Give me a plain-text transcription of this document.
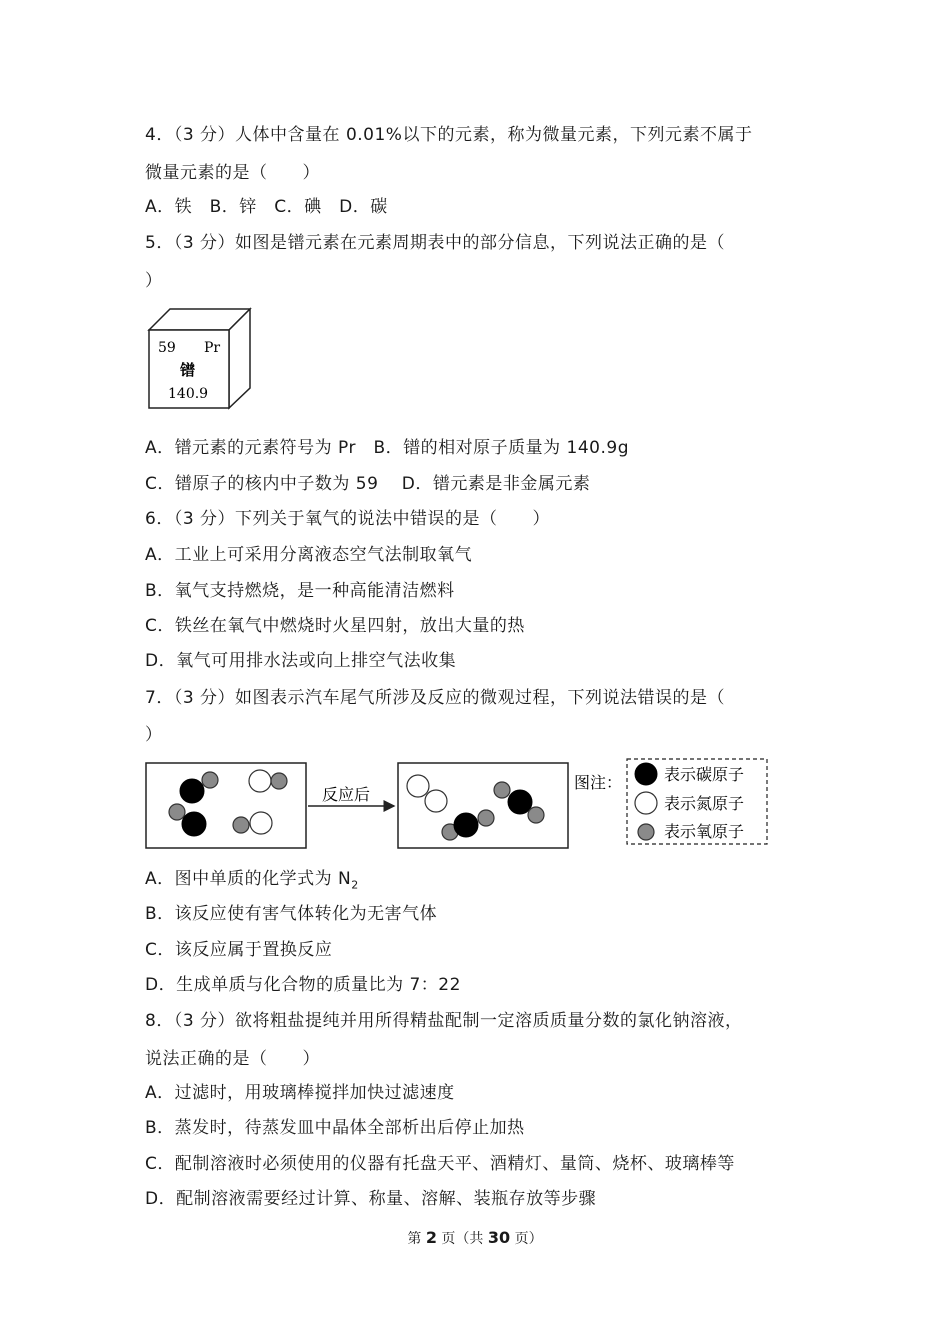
4．（3 分）人体中含量在 0.01%以下的元素，称为微量元素，下列元素不属于
微量元素的是（　　）
A．铁　B．锌　C．碘　D．碳
5．（3 分）如图是镨元素在元素周期表中的部分信息，下列说法正确的是（
）
59 Pr
镨
140.9
A．镨元素的元素符号为 Pr　B．镨的相对原子质量为 140.9g
C．镨原子的核内中子数为 59　 D．镨元素是非金属元素
6．（3 分）下列关于氧气的说法中错误的是（　　）
A．工业上可采用分离液态空气法制取氧气
B．氧气支持燃烧，是一种高能清洁燃料
C．铁丝在氧气中燃烧时火星四射，放出大量的热
D．氧气可用排水法或向上排空气法收集
7．（3 分）如图表示汽车尾气所涉及反应的微观过程，下列说法错误的是（
）
反应后
图注：	表示碳原子
表示氮原子
表示氧原子
A．图中单质的化学式为 $N_2$
B．该反应使有害气体转化为无害气体
C．该反应属于置换反应
D．生成单质与化合物的质量比为 7：22
8．（3 分）欲将粗盐提纯并用所得精盐配制一定溶质质量分数的氯化钠溶液，
说法正确的是（　　）
A．过滤时，用玻璃棒搅拌加快过滤速度
B．蒸发时，待蒸发皿中晶体全部析出后停止加热
C．配制溶液时必须使用的仪器有托盘天平、酒精灯、量筒、烧杯、玻璃棒等
D．配制溶液需要经过计算、称量、溶解、装瓶存放等步骤
第 2 页（共 30 页）
